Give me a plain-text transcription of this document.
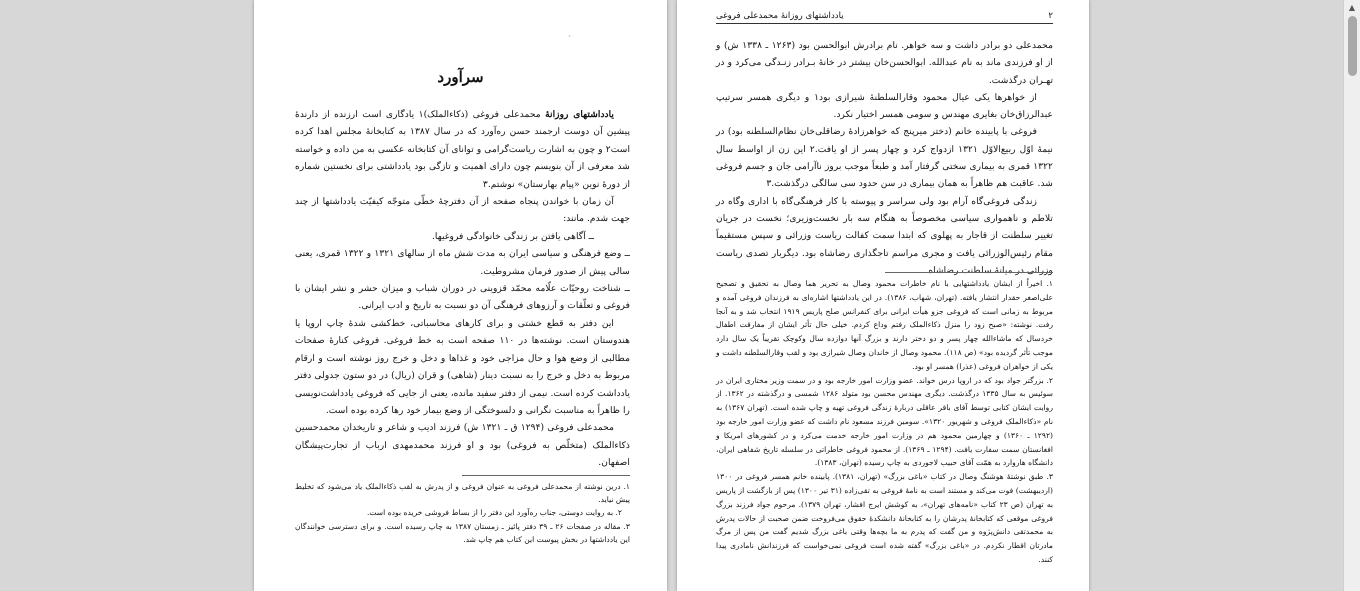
ˏ
سرآورد

یادداشتهای روزانهٔ محمدعلی فروغی (ذکاءالملک)۱ یادگاری است ارزنده از دارندهٔ پیشین آن دوست ارجمند حسن ره‌آورد که در سال ۱۳۸۷ به کتابخانهٔ مجلس اهدا کرده است۲ و چون به اشارت ریاست‌گرامی و توانای آن کتابخانه عکسی به من داده و خواسته شد معرفی از آن بنویسم چون دارای اهمیت و تازگی بود یادداشتی برای نخستین شماره از دورهٔ نوین «پیام بهارستان» نوشتم.۳

آن زمان با خواندن پنجاه صفحه از آن دفترچهٔ خطّی متوجّه کیفیّت یادداشتها از چند جهت شدم. مانند:

ــ آگاهی یافتن بر زندگی خانوادگی فروغیها.

ــ وضع فرهنگی و سیاسی ایران به مدت شش ماه از سالهای ۱۳۲۱ و ۱۳۲۲ قمری، یعنی سالی پیش از صدور فرمان مشروطیت.

ــ شناخت روحیّات علّامه محمّد قزوینی در دوران شباب و میزان حشر و نشر ایشان با فروغی و تعلّقات و آرزوهای فرهنگی آن دو نسبت به تاریخ و ادب ایرانی.

این دفتر به قطع خشتی و برای کارهای محاسباتی، خط‌کشی شدهٔ چاپ اروپا یا هندوستان است. نوشته‌ها در ۱۱۰ صفحه است به خط فروغی. فروغی کنارهٔ صفحات مطالبی از وضع هوا و حال مزاجی خود و غذاها و دخل و خرج روز نوشته است و ارقام مربوط به دخل و خرج را به نسبت دینار (شاهی) و قران (ریال) در دو ستون جدولی دفتر یادداشت کرده است. نیمی از دفتر سفید مانده، یعنی از جایی که فروغی یادداشت‌نویسی را ظاهراً به مناسبت نگرانی و دلسوختگی از وضع بیمار خود رها کرده بوده است.

محمدعلی فروغی (۱۲۹۴ ق ـ ۱۳۲۱ ش) فرزند ادیب و شاعر و تاریخدان محمدحسین ذکاءالملک (متخلّص به فروغی) بود و او فرزند محمدمهدی ارباب از تجارت‌پیشگان اصفهان.

۱. درین نوشته از محمدعلی فروغی به عنوان فروغی و از پدرش به لقب ذکاءالملک یاد می‌شود که تخلیط پیش نیاید.

۲. به روایت دوستی، جناب ره‌آورد این دفتر را از بساط فروشی خریده بوده است.

۳. مقاله در صفحات ۲۶ ـ ۳۹ دفتر پائیز ـ زمستان ۱۳۸۷ به چاپ رسیده است. و برای دسترسی خوانندگان این یادداشتها در بخش پیوست این کتاب هم چاپ شد.

۲
یادداشتهای روزانهٔ محمدعلی فروغی

محمدعلی دو برادر داشت و سه خواهر. نام برادرش ابوالحسن بود (۱۲۶۳ ـ ۱۳۳۸ ش) و از او فرزندی ماند به نام عبدالله. ابوالحسن‌خان بیشتر در خانهٔ بـرادر زنـدگی می‌کرد و در تهـران درگذشت.

از خواهرها یکی عیال محمود وقارالسلطنهٔ شیرازی بود۱ و دیگری همسر سرتیپ عبدالرزاق‌خان بغایری مهندس و سومی همسر اختیار نکرد.

فروغی با پابینده خانم (دختر میرپنج که خواهرزادهٔ رضاقلی‌خان نظام‌السلطنه بود) در نیمهٔ اوّل ربیع‌الاوّل ۱۳۲۱ ازدواج کرد و چهار پسر از او یافت.۲ این زن از اواسط سال ۱۳۲۲ قمری به بیماری سختی گرفتار آمد و طبعاً موجب بروز ناآرامی جان و جسم فروغی شد. عاقبت هم ظاهراً به همان بیماری در سن حدود سی سالگی درگذشت.۳

زندگی فروغی‌گاه آرام بود ولی سراسر و پیوسته با کار فرهنگی‌گاه با اداری وگاه در تلاطم و ناهمواری سیاسی مخصوصاً به هنگام سه بار نخست‌وزیری؛ نخست در جریان تغییر سلطنت از قاجار به پهلوی که ابتدا سمت کفالت ریاست وزرائی و سپس مستقیماً مقام رئیس‌الوزرائی یافت و مجری مراسم تاجگذاری رضاشاه بود. دیگربار تصدی ریاست وزرائی در میانهٔ سلطنت رضاشاه

۱. اخیراً از ایشان یادداشتهایی با نام خاطرات محمود وصال به تحریر هما وصال به تحقیق و تصحیح علی‌اصغر حقدار انتشار یافته. (تهران، شهاب، ۱۳۸۶). در این یادداشتها اشاره‌ای به فرزندان فروغی آمده و مربوط به زمانی است که فروغی جزو هیأت ایرانی برای کنفرانس صلح پاریس ۱۹۱۹ انتخاب شد و به آنجا رفت. نوشته: «صبح زود را منزل ذکاءالملک رفتم وداع کردم. خیلی حال تأثر ایشان از مفارقت اطفال خردسال که ماشاءالله چهار پسر و دو دختر دارند و بزرگ آنها دوازده سال وکوچک تقریباً یک سال دارد موجب تأثر گردیده بود» (ص ۱۱۸). محمود وصال از خاندان وصال شیرازی بود و لقب وقارالسلطنه داشت و یکی از خواهران فروغی (عذرا) همسر او بود.

۲. بزرگتر جواد بود که در اروپا درس خواند. عضو وزارت امور خارجه بود و در سمت وزیر مختاری ایران در سوئیس به سال ۱۳۳۵ درگذشت. دیگری مهندس محسن بود متولد ۱۲۸۶ شمسی و درگذشته در ۱۳۶۲. از روایت ایشان کتابی توسط آقای باقر عاقلی دربارهٔ زندگی فروغی تهیه و چاپ شده است. (تهران ۱۳۶۷) به نام «ذکاءالملک فروغی و شهریور ۱۳۲۰». سومین فرزند مسعود نام داشت که عضو وزارت امور خارجه بود (۱۲۹۲ ـ ۱۳۶۰) و چهارمین محمود هم در وزارت امور خارجه خدمت می‌کرد و در کشورهای امریکا و افغانستان سمت سفارت یافت. (۱۲۹۴ ـ ۱۳۶۹). از محمود فروغی خاطراتی در سلسله تاریخ شفاهی ایران، دانشگاه هاروارد به همّت آقای حبیب لاجوردی به چاپ رسیده (تهران، ۱۳۸۳).

۳. طبق نوشتهٔ هوشنگ وصال در کتاب «باغی بزرگ» (تهران، ۱۳۸۱). پابینده خانم همسر فروغی در ۱۳۰۰ (اردیبهشت) فوت می‌کند و مستند است به نامهٔ فروغی به تقی‌زاده (۳۱ تیر ۱۳۰۰) پس از بازگشت از پاریس به تهران (ص ۲۳ کتاب «نامه‌های تهران»، به کوشش ایرج افشار، تهران ۱۳۷۹). مرحوم جواد فرزند بزرگ فروغی موقعی که کتابخانهٔ پدرشان را به کتابخانهٔ دانشکدهٔ حقوق می‌فروخت ضمن صحبت از حالات پدرش به محمدتقی دانش‌پژوه و من گفت که پدرم به ما بچه‌ها وقتی باغی بزرگ شدیم گفت من پس از مرگ مادرتان اقطار نکردم. در «باغی بزرگ» گفته شده است فروغی نمی‌خواست که فرزندانش نامادری پیدا کنند.

▲
